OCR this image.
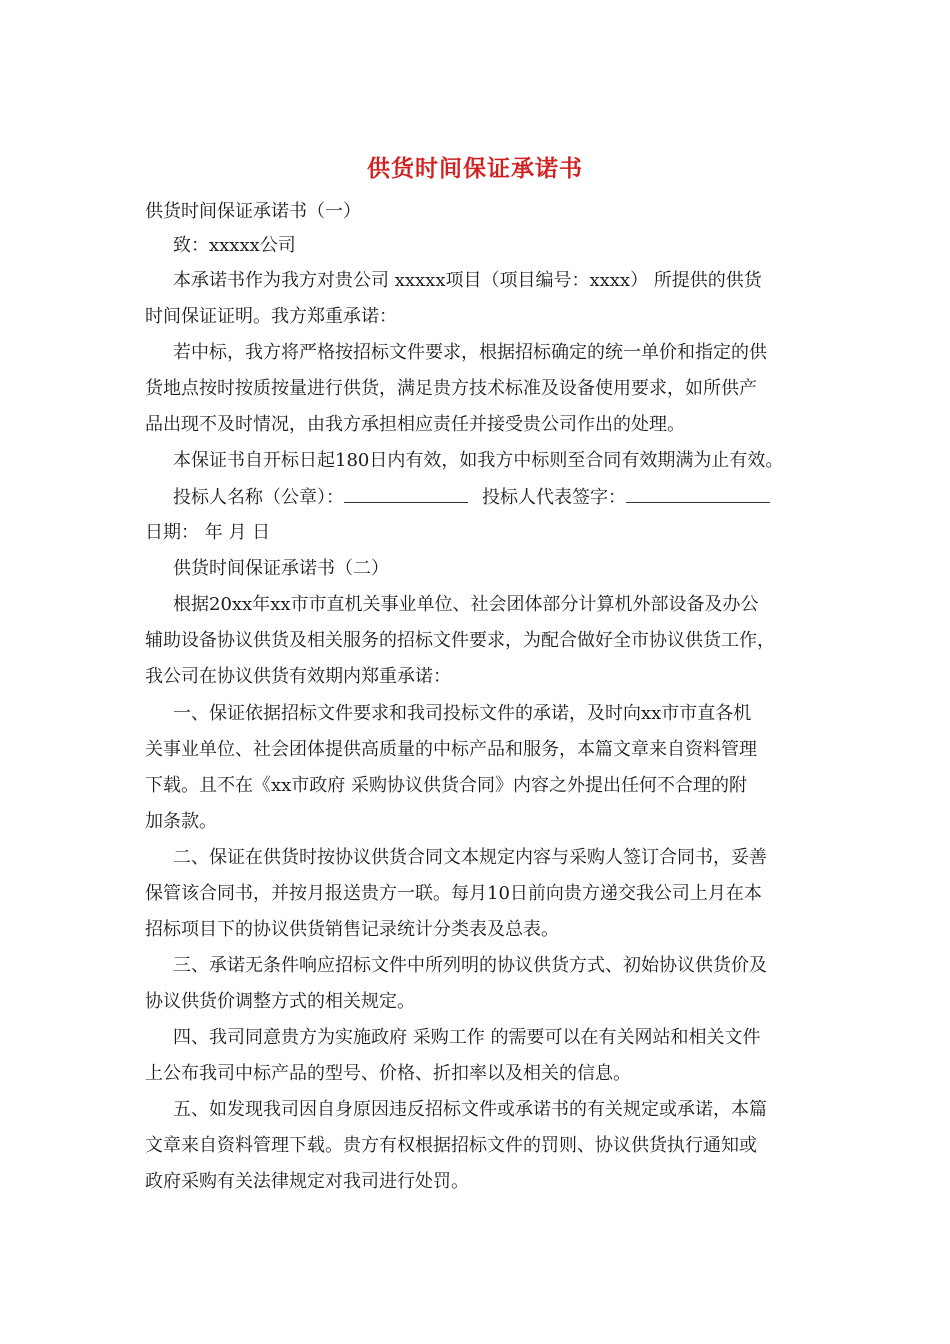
供货时间保证承诺书
供货时间保证承诺书（一）
致：xxxxx公司
本承诺书作为我方对贵公司 xxxxx项目（项目编号：xxxx） 所提供的供货
时间保证证明。我方郑重承诺：
若中标，我方将严格按招标文件要求，根据招标确定的统一单价和指定的供
货地点按时按质按量进行供货，满足贵方技术标准及设备使用要求，如所供产
品出现不及时情况，由我方承担相应责任并接受贵公司作出的处理。
本保证书自开标日起180日内有效，如我方中标则至合同有效期满为止有效。
投标人名称（公章）：	投标人代表签字：
日期： 年 月 日
供货时间保证承诺书（二）
根据20xx年xx市市直机关事业单位、社会团体部分计算机外部设备及办公
辅助设备协议供货及相关服务的招标文件要求，为配合做好全市协议供货工作，
我公司在协议供货有效期内郑重承诺：
一、保证依据招标文件要求和我司投标文件的承诺，及时向xx市市直各机
关事业单位、社会团体提供高质量的中标产品和服务，本篇文章来自资料管理
下载。且不在《xx市政府 采购协议供货合同》内容之外提出任何不合理的附
加条款。
二、保证在供货时按协议供货合同文本规定内容与采购人签订合同书，妥善
保管该合同书，并按月报送贵方一联。每月10日前向贵方递交我公司上月在本
招标项目下的协议供货销售记录统计分类表及总表。
三、承诺无条件响应招标文件中所列明的协议供货方式、初始协议供货价及
协议供货价调整方式的相关规定。
四、我司同意贵方为实施政府 采购工作 的需要可以在有关网站和相关文件
上公布我司中标产品的型号、价格、折扣率以及相关的信息。
五、如发现我司因自身原因违反招标文件或承诺书的有关规定或承诺，本篇
文章来自资料管理下载。贵方有权根据招标文件的罚则、协议供货执行通知或
政府采购有关法律规定对我司进行处罚。
